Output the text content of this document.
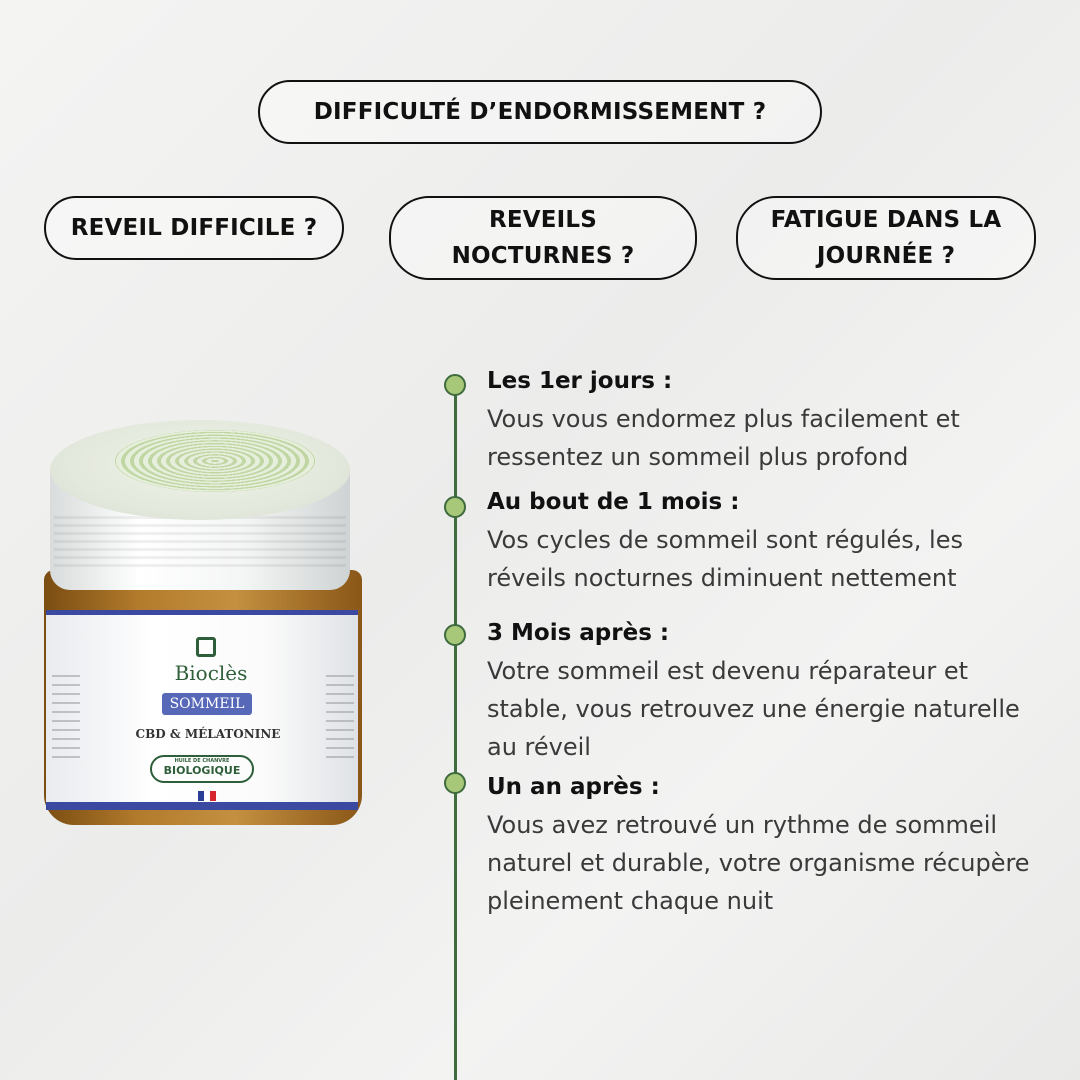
DIFFICULTÉ D’ENDORMISSEMENT ?
REVEIL DIFFICILE ?	REVEILS NOCTURNES ?
FATIGUE DANS LA JOURNÉE ?
Bioclès
SOMMEIL
CBD & MÉLATONINE
HUILE DE CHANVRE
BIOLOGIQUE
Les 1er jours :
Vous vous endormez plus facilement et ressentez un sommeil plus profond
Au bout de 1 mois :
Vos cycles de sommeil sont régulés, les réveils nocturnes diminuent nettement
3 Mois après :
Votre sommeil est devenu réparateur et stable, vous retrouvez une énergie naturelle au réveil
Un an après :
Vous avez retrouvé un rythme de sommeil naturel et durable, votre organisme récupère pleinement chaque nuit
